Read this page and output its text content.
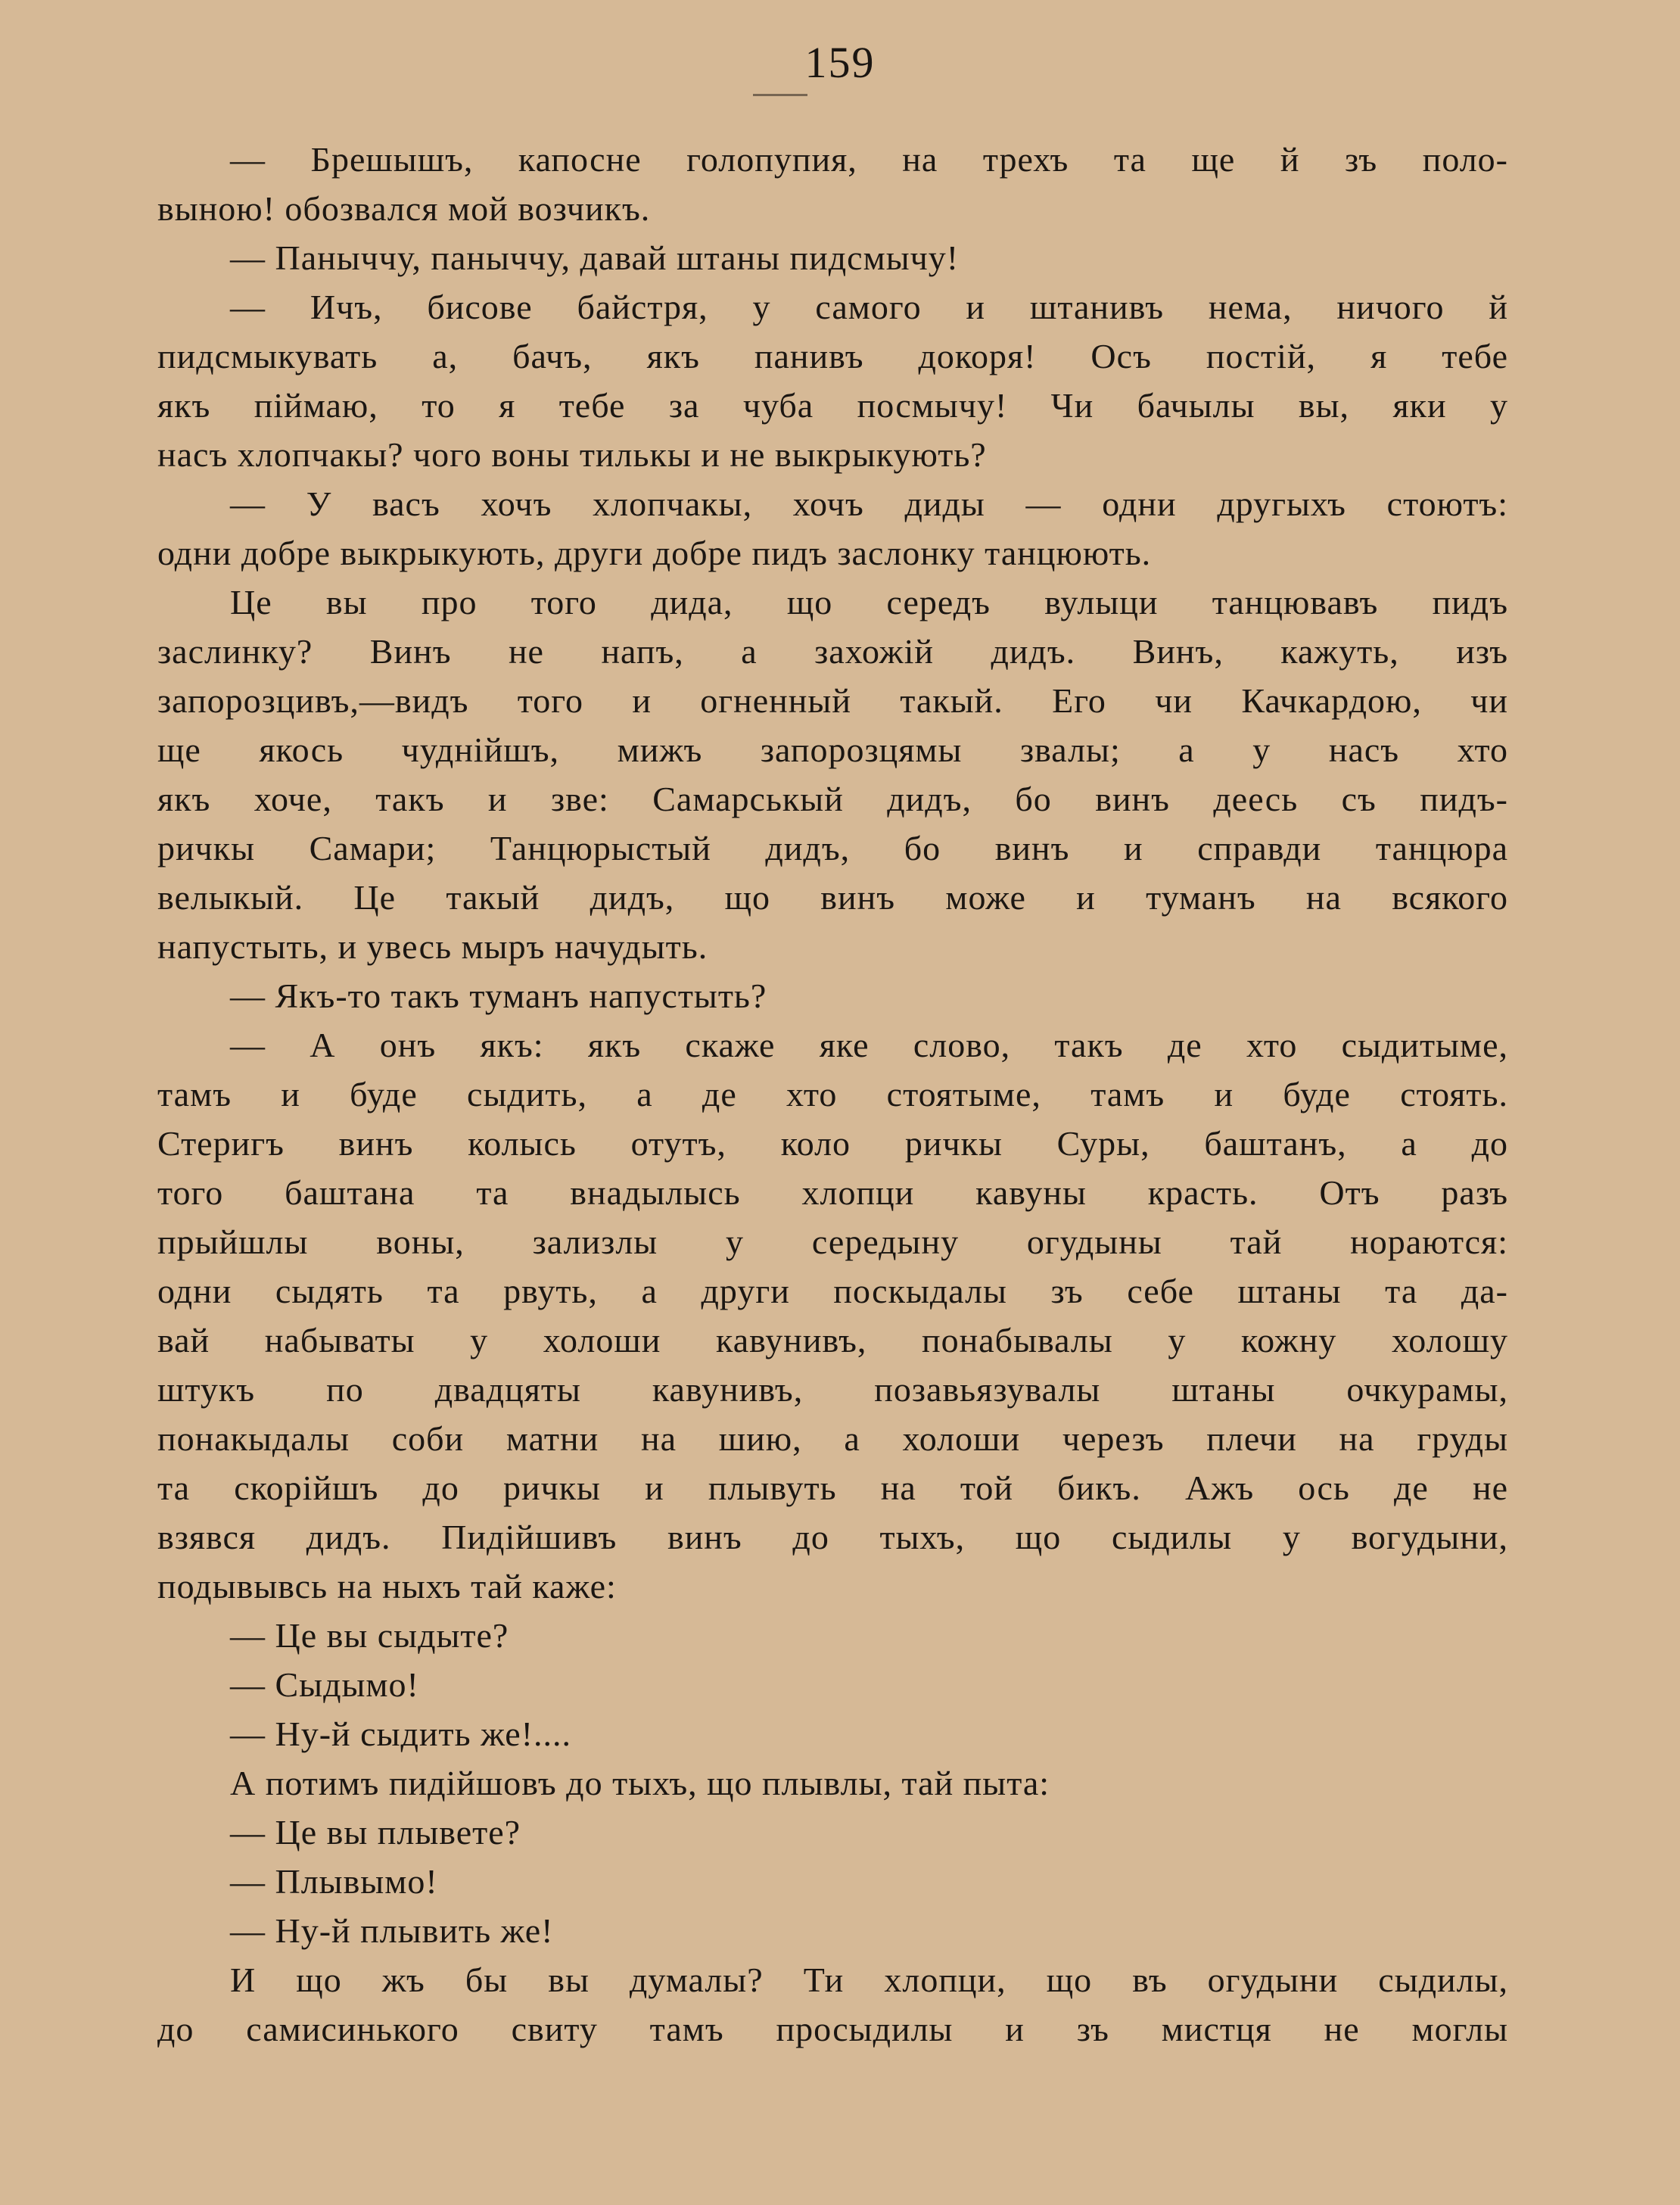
159
— Брешышъ, капосне голопупия, на трехъ та ще й зъ поло-
выною! обозвался мой возчикъ.
— Паныччу, паныччу, давай штаны пидсмычу!
— Ичъ, бисове байстря, у самого и штанивъ нема, ничого й
пидсмыкувать а, бачъ, якъ панивъ докоря! Осъ постій, я тебе
якъ піймаю, то я тебе за чуба посмычу! Чи бачылы вы, яки у
насъ хлопчакы? чого воны тилькы и не выкрыкують?
— У васъ хочъ хлопчакы, хочъ диды — одни другыхъ стоютъ:
одни добре выкрыкують, други добре пидъ заслонку танцюють.
Це вы про того дида, що середъ вулыци танцювавъ пидъ
заслинку? Винъ не напъ, а захожій дидъ. Винъ, кажуть, изъ
запорозцивъ,—видъ того и огненный такый. Его чи Качкардою, чи
ще якось чуднійшъ, мижъ запорозцямы звалы; а у насъ хто
якъ хоче, такъ и зве: Самарськый дидъ, бо винъ деесь съ пидъ-
ричкы Самари; Танцюрыстый дидъ, бо винъ и справди танцюра
велыкый. Це такый дидъ, що винъ може и туманъ на всякого
напустыть, и увесь мыръ начудыть.
— Якъ-то такъ туманъ напустыть?
— А онъ якъ: якъ скаже яке слово, такъ де хто сыдитыме,
тамъ и буде сыдить, а де хто стоятыме, тамъ и буде стоять.
Стеригъ винъ колысь отутъ, коло ричкы Суры, баштанъ, а до
того баштана та внадылысь хлопци кавуны красть. Отъ разъ
прыйшлы воны, зализлы у середыну огудыны тай нораются:
одни сыдять та рвуть, а други поскыдалы зъ себе штаны та да-
вай набываты у холоши кавунивъ, понабывалы у кожну холошу
штукъ по двадцяты кавунивъ, позавьязувалы штаны очкурамы,
понакыдалы соби матни на шию, а холоши черезъ плечи на груды
та скорійшъ до ричкы и плывуть на той бикъ. Ажъ ось де не
взявся дидъ. Пидійшивъ винъ до тыхъ, що сыдилы у вогудыни,
подывывсь на ныхъ тай каже:
— Це вы сыдыте?
— Сыдымо!
— Ну-й сыдить же!....
А потимъ пидійшовъ до тыхъ, що плывлы, тай пыта:
— Це вы плывете?
— Плывымо!
— Ну-й плывить же!
И що жъ бы вы думалы? Ти хлопци, що въ огудыни сыдилы,
до самисинького свиту тамъ просыдилы и зъ мистця не моглы
